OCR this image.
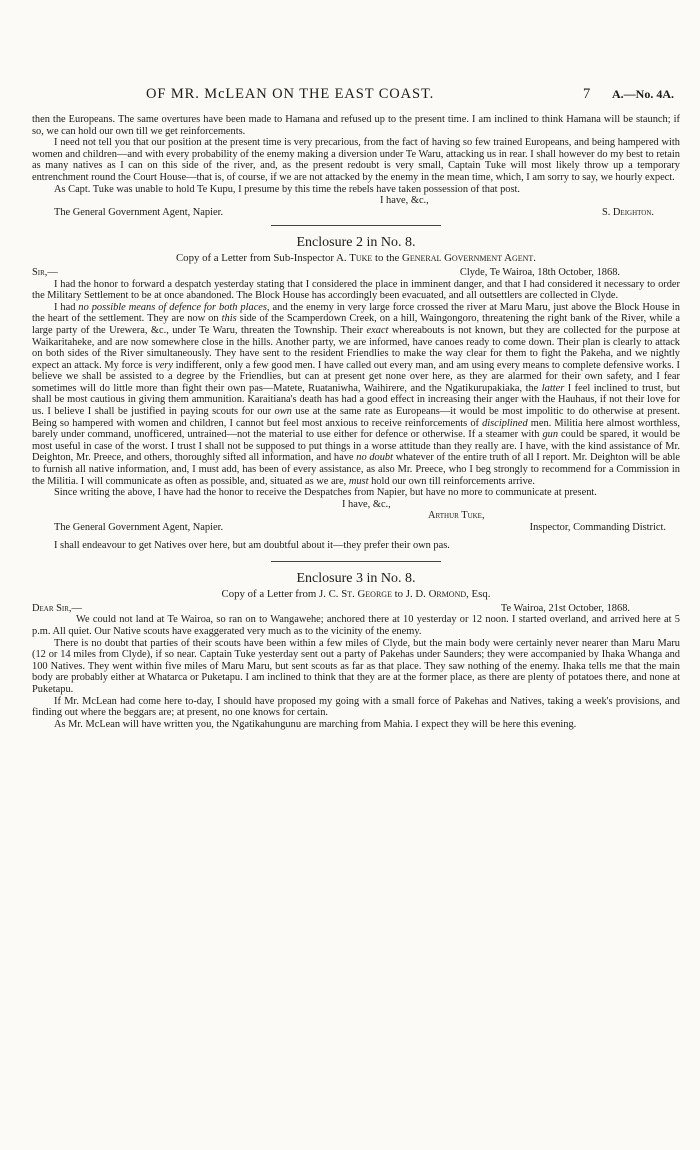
OF MR. McLEAN ON THE EAST COAST.	7 A.—No. 4A.

then the Europeans. The same overtures have been made to Hamana and refused up to the present time. I am inclined to think Hamana will be staunch; if so, we can hold our own till we get reinforcements.

I need not tell you that our position at the present time is very precarious, from the fact of having so few trained Europeans, and being hampered with women and children—and with every probability of the enemy making a diversion under Te Waru, attacking us in rear. I shall however do my best to retain as many natives as I can on this side of the river, and, as the present redoubt is very small, Captain Tuke will most likely throw up a temporary entrenchment round the Court House—that is, of course, if we are not attacked by the enemy in the mean time, which, I am sorry to say, we hourly expect.

As Capt. Tuke was unable to hold Te Kupu, I presume by this time the rebels have taken possession of that post.

I have, &c.,
The General Government Agent, Napier.	S. Deighton.
Enclosure 2 in No. 8.
Copy of a Letter from Sub-Inspector A. Tuke to the General Government Agent.
Sir,—	Clyde, Te Wairoa, 18th October, 1868.

I had the honor to forward a despatch yesterday stating that I considered the place in imminent danger, and that I had considered it necessary to order the Military Settlement to be at once abandoned. The Block House has accordingly been evacuated, and all outsettlers are collected in Clyde.

I had no possible means of defence for both places, and the enemy in very large force crossed the river at Maru Maru, just above the Block House in the heart of the settlement. They are now on this side of the Scamperdown Creek, on a hill, Waingongoro, threatening the right bank of the River, while a large party of the Urewera, &c., under Te Waru, threaten the Township. Their exact whereabouts is not known, but they are collected for the purpose at Waikaritaheke, and are now somewhere close in the hills. Another party, we are informed, have canoes ready to come down. Their plan is clearly to attack on both sides of the River simultaneously. They have sent to the resident Friendlies to make the way clear for them to fight the Pakeha, and we nightly expect an attack. My force is very indifferent, only a few good men. I have called out every man, and am using every means to complete defensive works. I believe we shall be assisted to a degree by the Friendlies, but can at present get none over here, as they are alarmed for their own safety, and I fear sometimes will do little more than fight their own pas—Matete, Ruataniwha, Waihirere, and the Ngatikurupakiaka, the latter I feel inclined to trust, but shall be most cautious in giving them ammunition. Karaitiana's death has had a good effect in increasing their anger with the Hauhaus, if not their love for us. I believe I shall be justified in paying scouts for our own use at the same rate as Europeans—it would be most impolitic to do otherwise at present. Being so hampered with women and children, I cannot but feel most anxious to receive reinforcements of disciplined men. Militia here almost worthless, barely under command, unofficered, untrained—not the material to use either for defence or otherwise. If a steamer with gun could be spared, it would be most useful in case of the worst. I trust I shall not be supposed to put things in a worse attitude than they really are. I have, with the kind assistance of Mr. Deighton, Mr. Preece, and others, thoroughly sifted all information, and have no doubt whatever of the entire truth of all I report. Mr. Deighton will be able to furnish all native information, and, I must add, has been of every assistance, as also Mr. Preece, who I beg strongly to recommend for a Commission in the Militia. I will communicate as often as possible, and, situated as we are, must hold our own till reinforcements arrive.

Since writing the above, I have had the honor to receive the Despatches from Napier, but have no more to communicate at present.

I have, &c.,
Arthur Tuke,
The General Government Agent, Napier.	Inspector, Commanding District.

I shall endeavour to get Natives over here, but am doubtful about it—they prefer their own pas.

Enclosure 3 in No. 8.
Copy of a Letter from J. C. St. George to J. D. Ormond, Esq.
Dear Sir,—	Te Wairoa, 21st October, 1868.

We could not land at Te Wairoa, so ran on to Wangawehe; anchored there at 10 yesterday or 12 noon. I started overland, and arrived here at 5 p.m. All quiet. Our Native scouts have exaggerated very much as to the vicinity of the enemy.

There is no doubt that parties of their scouts have been within a few miles of Clyde, but the main body were certainly never nearer than Maru Maru (12 or 14 miles from Clyde), if so near. Captain Tuke yesterday sent out a party of Pakehas under Saunders; they were accompanied by Ihaka Whanga and 100 Natives. They went within five miles of Maru Maru, but sent scouts as far as that place. They saw nothing of the enemy. Ihaka tells me that the main body are probably either at Whatarca or Puketapu. I am inclined to think that they are at the former place, as there are plenty of potatoes there, and none at Puketapu.

If Mr. McLean had come here to-day, I should have proposed my going with a small force of Pakehas and Natives, taking a week's provisions, and finding out where the beggars are; at present, no one knows for certain.

As Mr. McLean will have written you, the Ngatikahungunu are marching from Mahia. I expect they will be here this evening.
